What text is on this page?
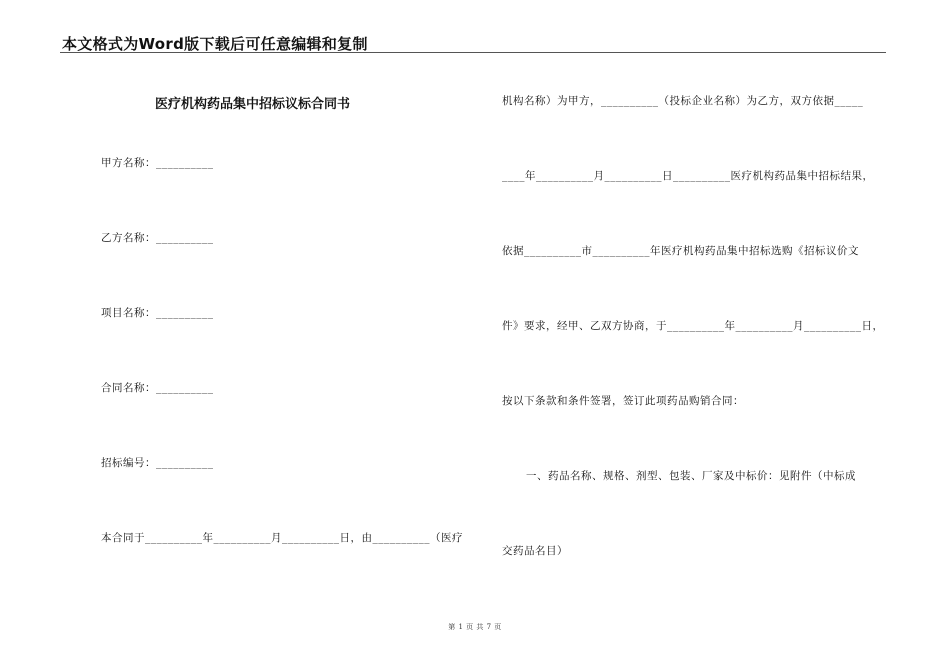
本文格式为Word版下载后可任意编辑和复制
医疗机构药品集中招标议标合同书
甲方名称：__________
乙方名称：__________
项目名称：__________
合同名称：__________
招标编号：__________
本合同于__________年__________月__________日，由__________（医疗
机构名称）为甲方，__________（投标企业名称）为乙方，双方依据_____
____年__________月__________日__________医疗机构药品集中招标结果，
依据__________市__________年医疗机构药品集中招标选购《招标议价文
件》要求，经甲、乙双方协商，于__________年__________月__________日，
按以下条款和条件签署，签订此项药品购销合同：
一、药品名称、规格、剂型、包装、厂家及中标价：见附件（中标成
交药品名目）
第 1 页 共 7 页
